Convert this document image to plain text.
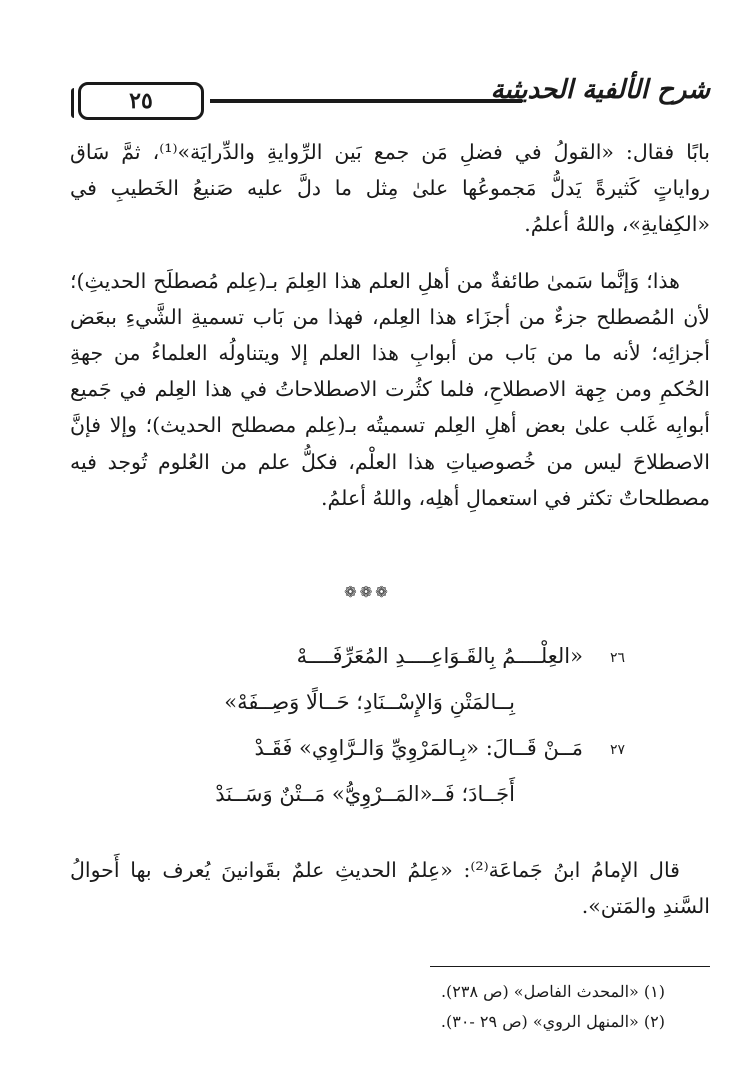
٢٥	شرح الألفية الحديثية

بابًا فقال: «القولُ في فضلِ مَن جمع بَين الرِّوايةِ والدِّرايَة»⁽¹⁾، ثمَّ سَاق رواياتٍ كَثيرةً يَدلُّ مَجموعُها علىٰ مِثل ما دلَّ عليه صَنيعُ الخَطيبِ في «الكِفايةِ»، واللهُ أعلمُ.

هذا؛ وَإنَّما سَمىٰ طائفةٌ من أهلِ العلم هذا العِلمَ بـ(عِلم مُصطلَح الحديثِ)؛ لأن المُصطلح جزءٌ من أجزَاء هذا العِلم، فهذا من بَاب تسميةِ الشَّيءِ ببعَض أجزائِه؛ لأنه ما من بَاب من أبوابِ هذا العلم إلا ويتناولُه العلماءُ من جهةِ الحُكمِ ومن جِهة الاصطلاحِ، فلما كثُرت الاصطلاحاتُ في هذا العِلم في جَميع أبوابِه غَلب علىٰ بعض أهلِ العِلم تسميتُه بـ(عِلم مصطلح الحديث)؛ وإلا فإنَّ الاصطلاحَ ليس من خُصوصياتِ هذا العلْم، فكلُّ علم من العُلوم تُوجد فيه مصطلحاتٌ تكثر في استعمالِ أهلِه، واللهُ أعلمُ.

❁❁❁
٢٦
«العِلْــــمُ بِالقَـوَاعِــــدِ المُعَرِّفَــــهْ
بِــالمَتْنِ وَالإِسْــنَادِ؛ حَــالًا وَصِــفَهْ»
٢٧
مَــنْ قَــالَ: «بِـالمَرْوِيِّ وَالـرَّاوِي» فَقَـدْ
أَجَــادَ؛ فَــ«المَــرْوِيُّ» مَــتْنٌ وَسَــنَدْ
قال الإمامُ ابنُ جَماعَة⁽²⁾: «عِلمُ الحديثِ علمٌ بقَوانينَ يُعرف بها أَحوالُ السَّندِ والمَتن».
(١) «المحدث الفاصل» (ص ٢٣٨).
(٢) «المنهل الروي» (ص ٢٩ -٣٠).
